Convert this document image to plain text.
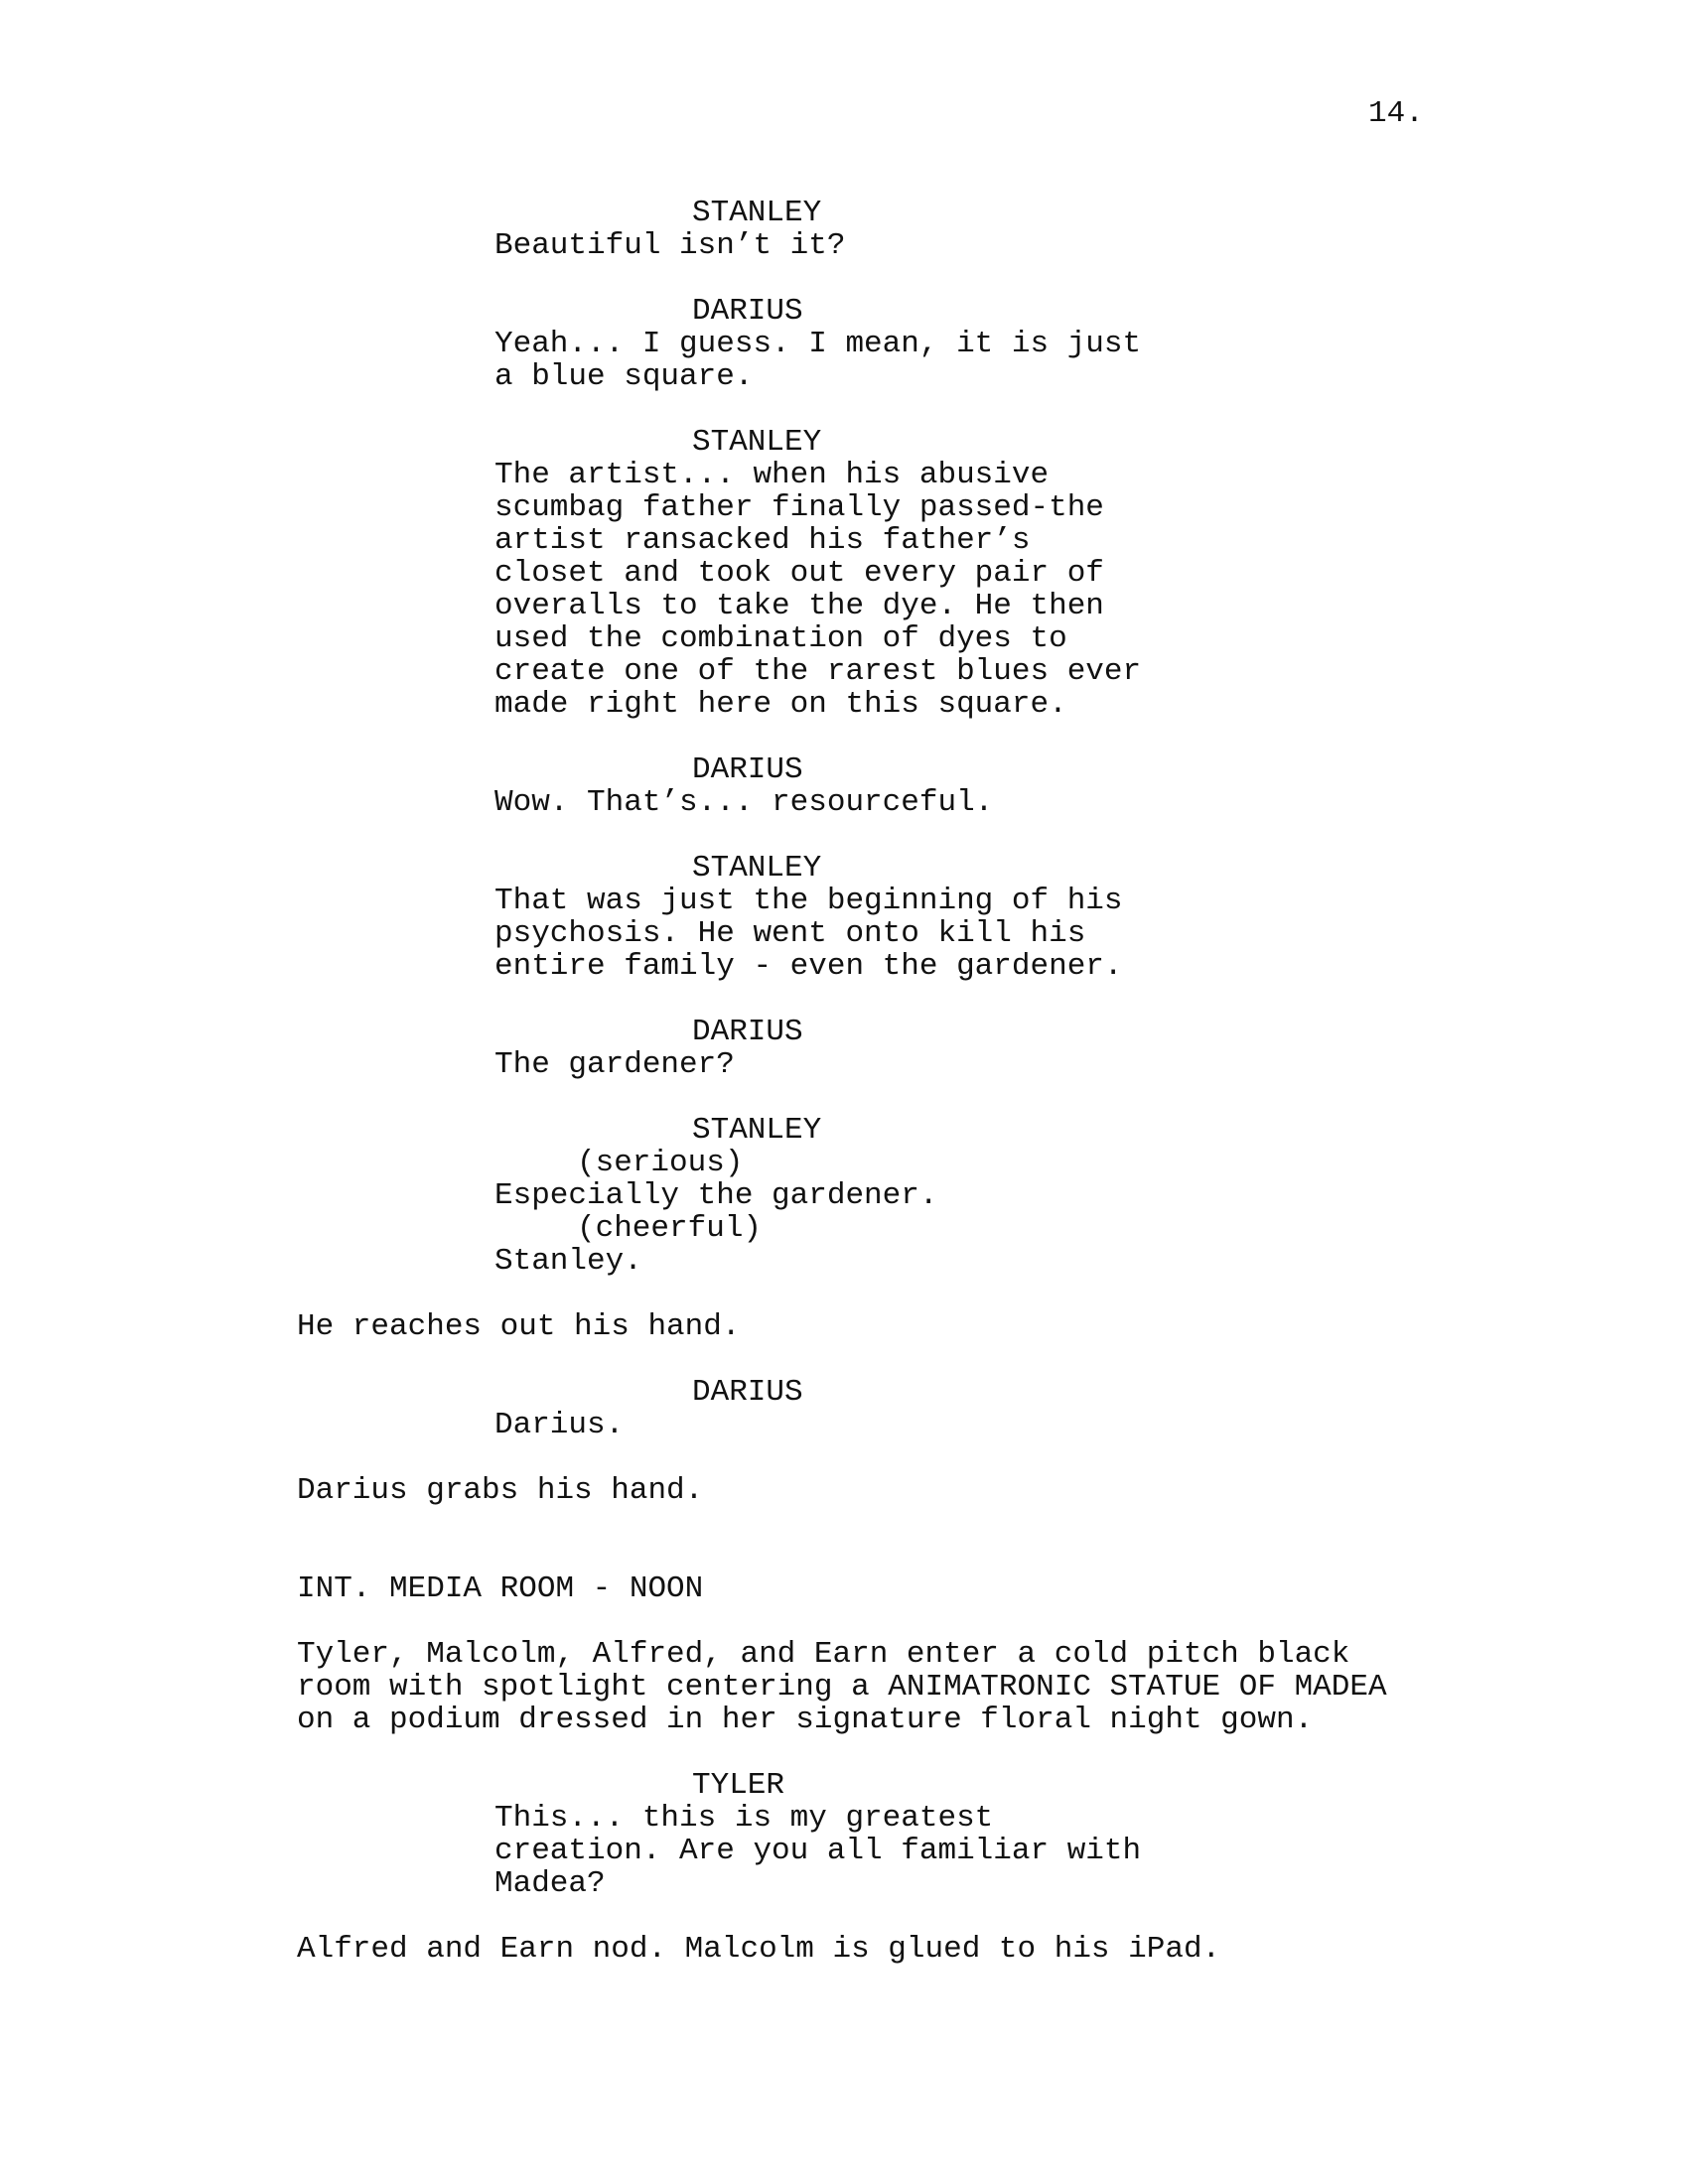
14.
STANLEY
Beautiful isn’t it?
DARIUS
Yeah... I guess. I mean, it is just
a blue square.
STANLEY
The artist... when his abusive
scumbag father finally passed-the
artist ransacked his father’s
closet and took out every pair of
overalls to take the dye. He then
used the combination of dyes to
create one of the rarest blues ever
made right here on this square.
DARIUS
Wow. That’s... resourceful.
STANLEY
That was just the beginning of his
psychosis. He went onto kill his
entire family - even the gardener.
DARIUS
The gardener?
STANLEY
(serious)
Especially the gardener.
(cheerful)
Stanley.
He reaches out his hand.
DARIUS
Darius.
Darius grabs his hand.
INT. MEDIA ROOM - NOON
Tyler, Malcolm, Alfred, and Earn enter a cold pitch black
room with spotlight centering a ANIMATRONIC STATUE OF MADEA
on a podium dressed in her signature floral night gown.
TYLER
This... this is my greatest
creation. Are you all familiar with
Madea?
Alfred and Earn nod. Malcolm is glued to his iPad.
